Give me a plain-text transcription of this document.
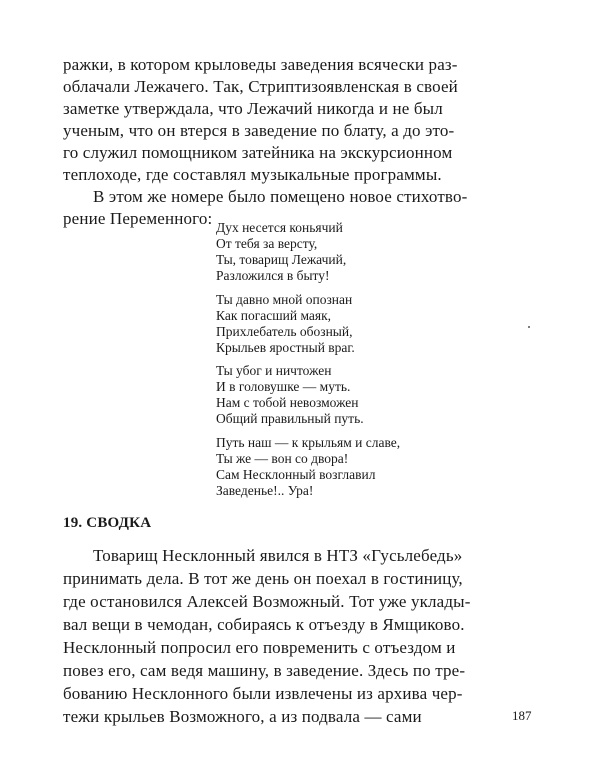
ражки, в котором крыловеды заведения всячески раз-
облачали Лежачего. Так, Стриптизоявленская в своей
заметке утверждала, что Лежачий никогда и не был
ученым, что он втерся в заведение по блату, а до это-
го служил помощником затейника на экскурсионном
теплоходе, где составлял музыкальные программы.
В этом же номере было помещено новое стихотво-
рение Переменного: Дух несется коньячий
От тебя за версту,
Ты, товарищ Лежачий,
Разложился в быту!
Ты давно мной опознан
Как погасший маяк,
Прихлебатель обозный,
Крыльев яростный враг.
Ты убог и ничтожен
И в головушке — муть.
Нам с тобой невозможен
Общий правильный путь.
Путь наш — к крыльям и славе,
Ты же — вон со двора!
Сам Несклонный возглавил
Заведенье!.. Ура!
19. СВОДКА
Товарищ Несклонный явился в НТЗ «Гусьлебедь»
принимать дела. В тот же день он поехал в гостиницу,
где остановился Алексей Возможный. Тот уже уклады-
вал вещи в чемодан, собираясь к отъезду в Ямщиково.
Несклонный попросил его повременить с отъездом и
повез его, сам ведя машину, в заведение. Здесь по тре-
бованию Несклонного были извлечены из архива чер-
тежи крыльев Возможного, а из подвала — сами	187
